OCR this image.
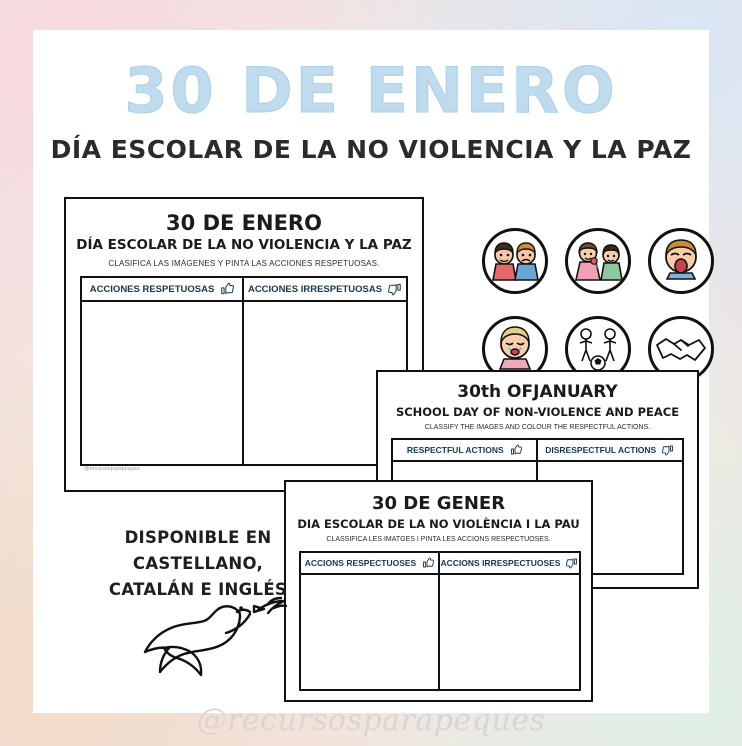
30 DE ENERO
DÍA ESCOLAR DE LA NO VIOLENCIA Y LA PAZ
30 DE ENERO
DÍA ESCOLAR DE LA NO VIOLENCIA Y LA PAZ
CLASIFICA LAS IMÁGENES Y PINTA LAS ACCIONES RESPETUOSAS.
ACCIONES RESPETUOSAS	ACCIONES IRRESPETUOSAS
@recursosparapeques
30th OFJANUARY
SCHOOL DAY OF NON-VIOLENCE AND PEACE
CLASSIFY THE IMAGES AND COLOUR THE RESPECTFUL ACTIONS.
RESPECTFUL ACTIONS	DISRESPECTFUL ACTIONS
30 DE GENER
DIA ESCOLAR DE LA NO VIOLÈNCIA I LA PAU
CLASSIFICA LES IMATGES I PINTA LES ACCIONS RESPECTUOSES.
ACCIONS RESPECTUOSES	ACCIONS IRRESPECTUOSES
DISPONIBLE EN CASTELLANO,
CATALÁN E INGLÉS
@recursosparapeques
